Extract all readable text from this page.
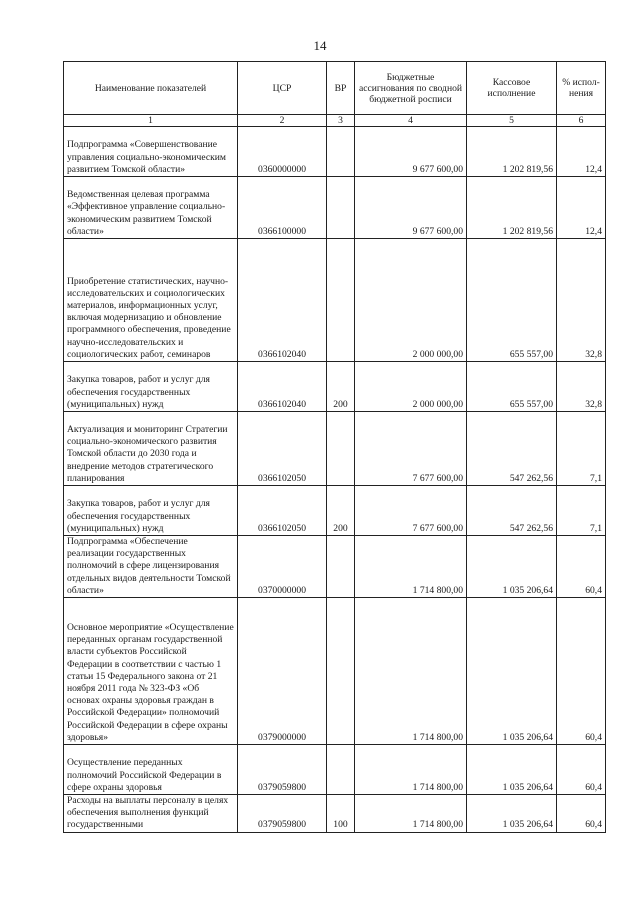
14
Наименование показателей	ЦСР	ВР	Бюджетные ассигнования по сводной бюджетной росписи	Кассовое исполнение	% испол-нения
1	2	3	4	5	6
Подпрограмма «Совершенствование управления социально-экономическим развитием Томской области»	0360000000		9 677 600,00	1 202 819,56	12,4
Ведомственная целевая программа «Эффективное управление социально-экономическим развитием Томской области»	0366100000		9 677 600,00	1 202 819,56	12,4
Приобретение статистических, научно-исследовательских и социологических материалов, информационных услуг, включая модернизацию и обновление программного обеспечения, проведение научно-исследовательских и социологических работ, семинаров	0366102040		2 000 000,00	655 557,00	32,8
Закупка товаров, работ и услуг для обеспечения государственных (муниципальных) нужд	0366102040	200	2 000 000,00	655 557,00	32,8
Актуализация и мониторинг Стратегии социально-экономического развития Томской области до 2030 года и внедрение методов стратегического планирования	0366102050		7 677 600,00	547 262,56	7,1
Закупка товаров, работ и услуг для обеспечения государственных (муниципальных) нужд	0366102050	200	7 677 600,00	547 262,56	7,1
Подпрограмма «Обеспечение реализации государственных полномочий в сфере лицензирования отдельных видов деятельности Томской области»	0370000000		1 714 800,00	1 035 206,64	60,4
Основное мероприятие «Осуществление переданных органам государственной власти субъектов Российской Федерации в соответствии с частью 1 статьи 15 Федерального закона от 21 ноября 2011 года № 323-ФЗ «Об основах охраны здоровья граждан в Российской Федерации» полномочий Российской Федерации в сфере охраны здоровья»	0379000000		1 714 800,00	1 035 206,64	60,4
Осуществление переданных полномочий Российской Федерации в сфере охраны здоровья	0379059800		1 714 800,00	1 035 206,64	60,4
Расходы на выплаты персоналу в целях обеспечения выполнения функций государственными	0379059800	100	1 714 800,00	1 035 206,64	60,4
